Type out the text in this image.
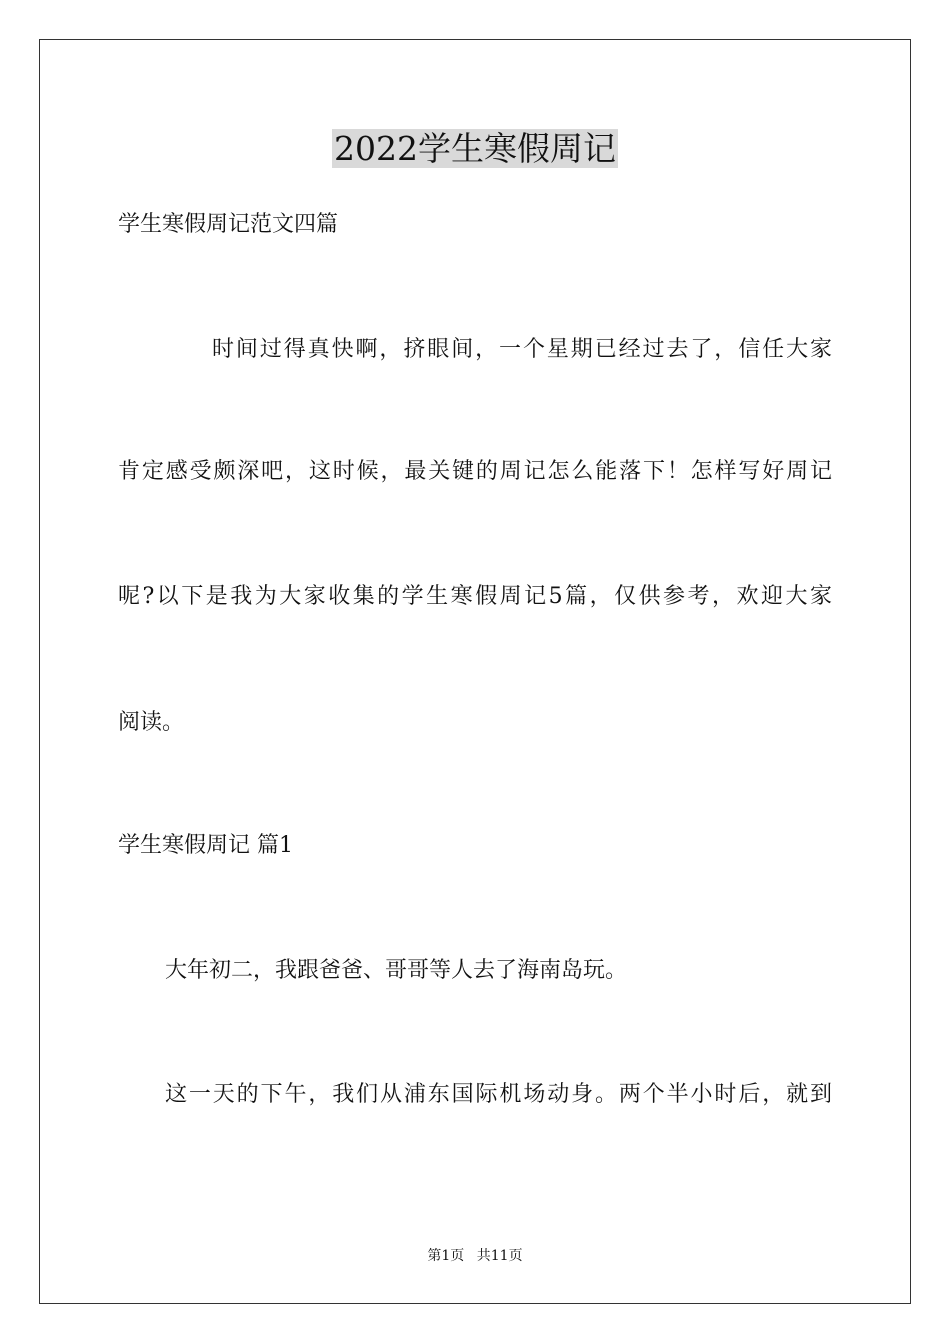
2022学生寒假周记
学生寒假周记范文四篇
时间过得真快啊，挤眼间，一个星期已经过去了，信任大家
肯定感受颇深吧，这时候，最关键的周记怎么能落下！怎样写好周记
呢?以下是我为大家收集的学生寒假周记5篇，仅供参考，欢迎大家
阅读。
学生寒假周记 篇1
大年初二，我跟爸爸、哥哥等人去了海南岛玩。
这一天的下午，我们从浦东国际机场动身。两个半小时后，就到
第1页 共11页
